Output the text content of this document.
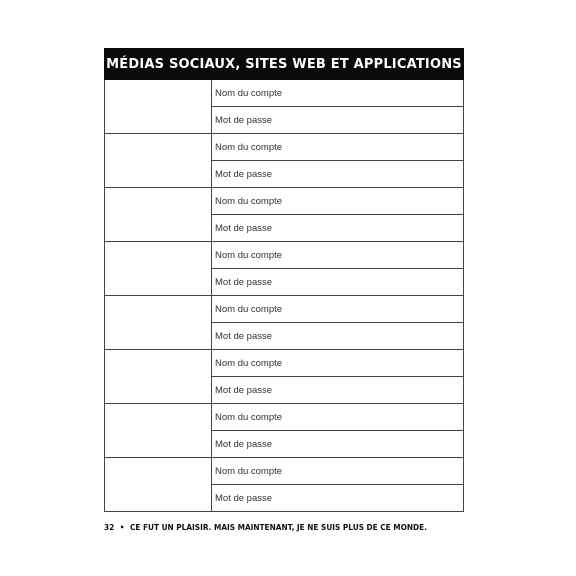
MÉDIAS SOCIAUX, SITES WEB ET APPLICATIONS
Nom du compte
Mot de passe
Nom du compte
Mot de passe
Nom du compte
Mot de passe
Nom du compte
Mot de passe
Nom du compte
Mot de passe
Nom du compte
Mot de passe
Nom du compte
Mot de passe
Nom du compte
Mot de passe
32 • CE FUT UN PLAISIR. MAIS MAINTENANT, JE NE SUIS PLUS DE CE MONDE.
